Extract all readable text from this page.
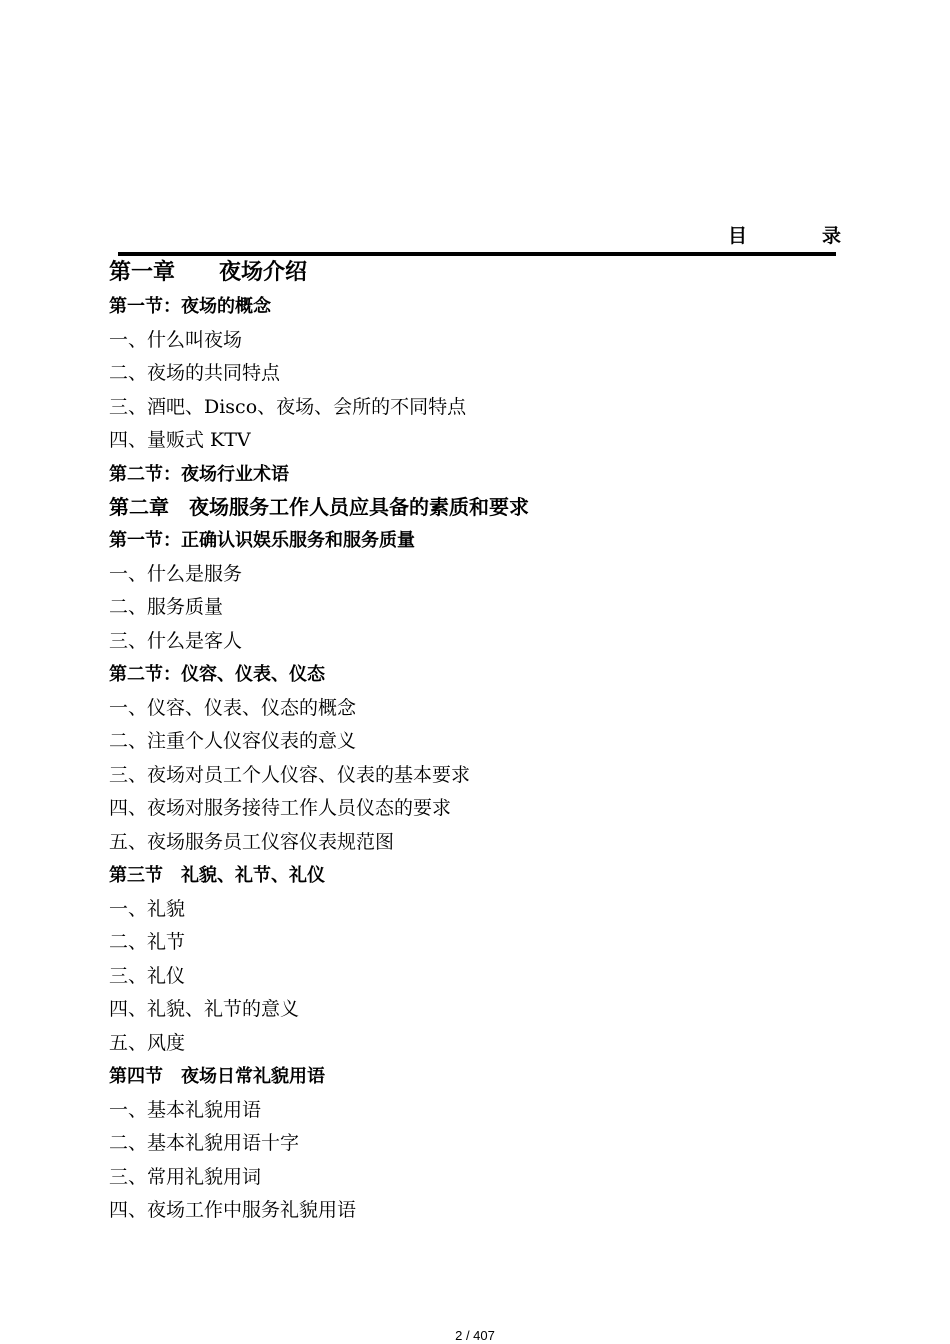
目　录
第一章　　夜场介绍
第一节：夜场的概念
一、什么叫夜场
二、夜场的共同特点
三、酒吧、Disco、夜场、会所的不同特点
四、量贩式 KTV
第二节：夜场行业术语
第二章　夜场服务工作人员应具备的素质和要求
第一节：正确认识娱乐服务和服务质量
一、什么是服务
二、服务质量
三、什么是客人
第二节：仪容、仪表、仪态
一、仪容、仪表、仪态的概念
二、注重个人仪容仪表的意义
三、夜场对员工个人仪容、仪表的基本要求
四、夜场对服务接待工作人员仪态的要求
五、夜场服务员工仪容仪表规范图
第三节　礼貌、礼节、礼仪
一、礼貌
二、礼节
三、礼仪
四、礼貌、礼节的意义
五、风度
第四节　夜场日常礼貌用语
一、基本礼貌用语
二、基本礼貌用语十字
三、常用礼貌用词
四、夜场工作中服务礼貌用语
2 / 407
